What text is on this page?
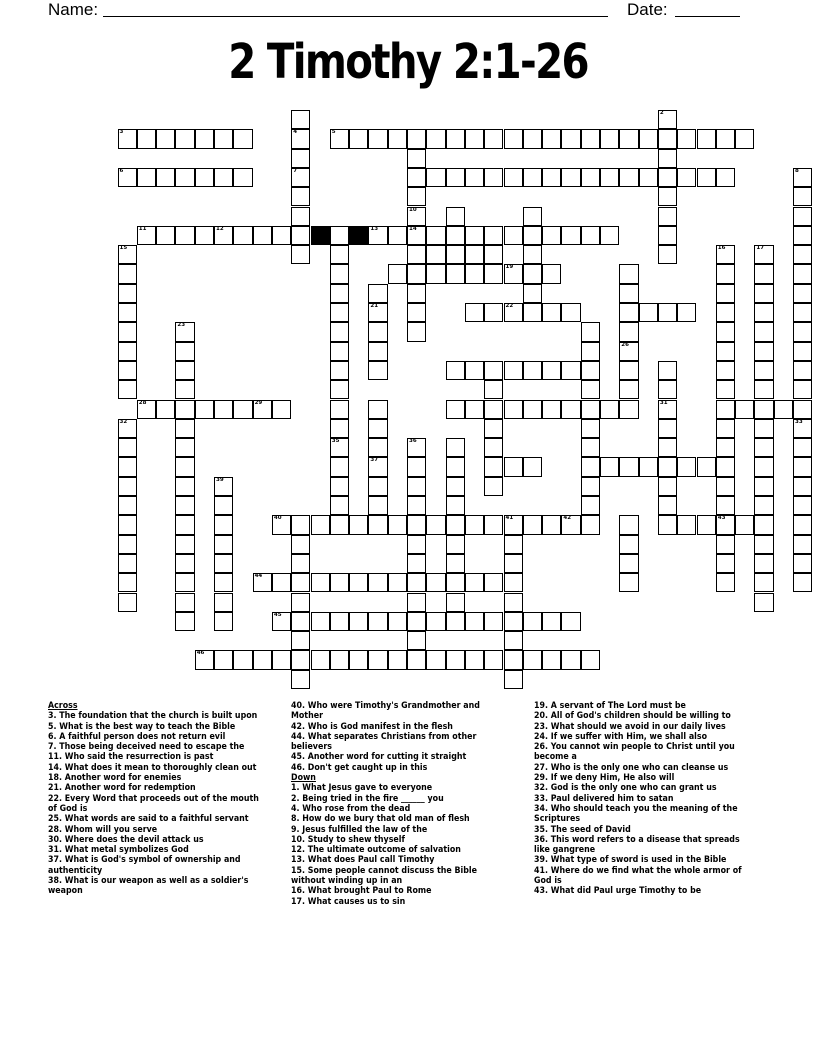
Name:	Date:
2 Timothy 2:1-26
2
3	4	5
6	7	8
10
11	12	13	14
15	16	17
19
21	22
23
26
28	29	31
32	33
35	36
37
39
40	41	42	43
44
45
46

Across

3. The foundation that the church is built upon

5. What is the best way to teach the Bible

6. A faithful person does not return evil

7. Those being deceived need to escape the

11. Who said the resurrection is past

14. What does it mean to thoroughly clean out

18. Another word for enemies

21. Another word for redemption

22. Every Word that proceeds out of the mouth of God is

25. What words are said to a faithful servant

28. Whom will you serve

30. Where does the devil attack us

31. What metal symbolizes God

37. What is God's symbol of ownership and authenticity

38. What is our weapon as well as a soldier's weapon

40. Who were Timothy's Grandmother and Mother

42. Who is God manifest in the flesh

44. What separates Christians from other believers

45. Another word for cutting it straight

46. Don't get caught up in this

Down

1. What Jesus gave to everyone

2. Being tried in the fire ______ you

4. Who rose from the dead

8. How do we bury that old man of flesh

9. Jesus fulfilled the law of the

10. Study to shew thyself

12. The ultimate outcome of salvation

13. What does Paul call Timothy

15. Some people cannot discuss the Bible without winding up in an

16. What brought Paul to Rome

17. What causes us to sin

19. A servant of The Lord must be

20. All of God's children should be willing to

23. What should we avoid in our daily lives

24. If we suffer with Him, we shall also

26. You cannot win people to Christ until you become a

27. Who is the only one who can cleanse us

29. If we deny Him, He also will

32. God is the only one who can grant us

33. Paul delivered him to satan

34. Who should teach you the meaning of the Scriptures

35. The seed of David

36. This word refers to a disease that spreads like gangrene

39. What type of sword is used in the Bible

41. Where do we find what the whole armor of God is

43. What did Paul urge Timothy to be
